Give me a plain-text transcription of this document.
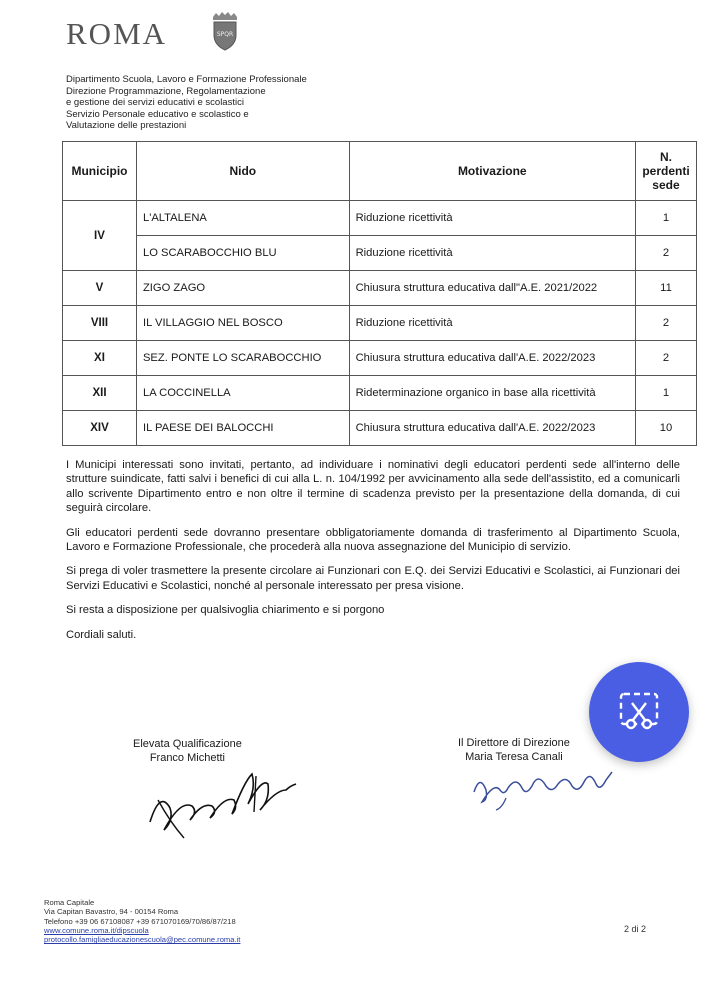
ROMA	SPQR
Dipartimento Scuola, Lavoro e Formazione Professionale
Direzione Programmazione, Regolamentazione
e gestione dei servizi educativi e scolastici
Servizio Personale educativo e scolastico e
Valutazione delle prestazioni
Municipio	Nido	Motivazione	N.
perdenti
sede

IV	L'ALTALENA	Riduzione ricettività	1
	LO SCARABOCCHIO BLU	Riduzione ricettività	2
V	ZIGO ZAGO	Chiusura struttura educativa dall"A.E. 2021/2022	11
VIII	IL VILLAGGIO NEL BOSCO	Riduzione ricettività	2
XI	SEZ. PONTE LO SCARABOCCHIO	Chiusura struttura educativa dall'A.E. 2022/2023	2
XII	LA COCCINELLA	Rideterminazione organico in base alla ricettività	1
XIV	IL PAESE DEI BALOCCHI	Chiusura struttura educativa dall'A.E. 2022/2023	10

I Municipi interessati sono invitati, pertanto, ad individuare i nominativi degli educatori perdenti sede all'interno delle strutture suindicate, fatti salvi i benefici di cui alla L. n. 104/1992 per avvicinamento alla sede dell'assistito, ed a comunicarli allo scrivente Dipartimento entro e non oltre il termine di scadenza previsto per la presentazione della domanda, di cui seguirà circolare.

Gli educatori perdenti sede dovranno presentare obbligatoriamente domanda di trasferimento al Dipartimento Scuola, Lavoro e Formazione Professionale, che procederà alla nuova assegnazione del Municipio di servizio.

Si prega di voler trasmettere la presente circolare ai Funzionari con E.Q. dei Servizi Educativi e Scolastici, ai Funzionari dei Servizi Educativi e Scolastici, nonché al personale interessato per presa visione.

Si resta a disposizione per qualsivoglia chiarimento e si porgono

Cordiali saluti.

Elevata Qualificazione
Franco Michetti
Il Direttore di Direzione
Maria Teresa Canali
Roma Capitale
Via Capitan Bavastro, 94 - 00154 Roma
Telefono +39 06 67108087 +39 671070169/70/86/87/218
www.comune.roma.it/dipscuola
protocollo.famigliaeducazionescuola@pec.comune.roma.it
2 di 2
